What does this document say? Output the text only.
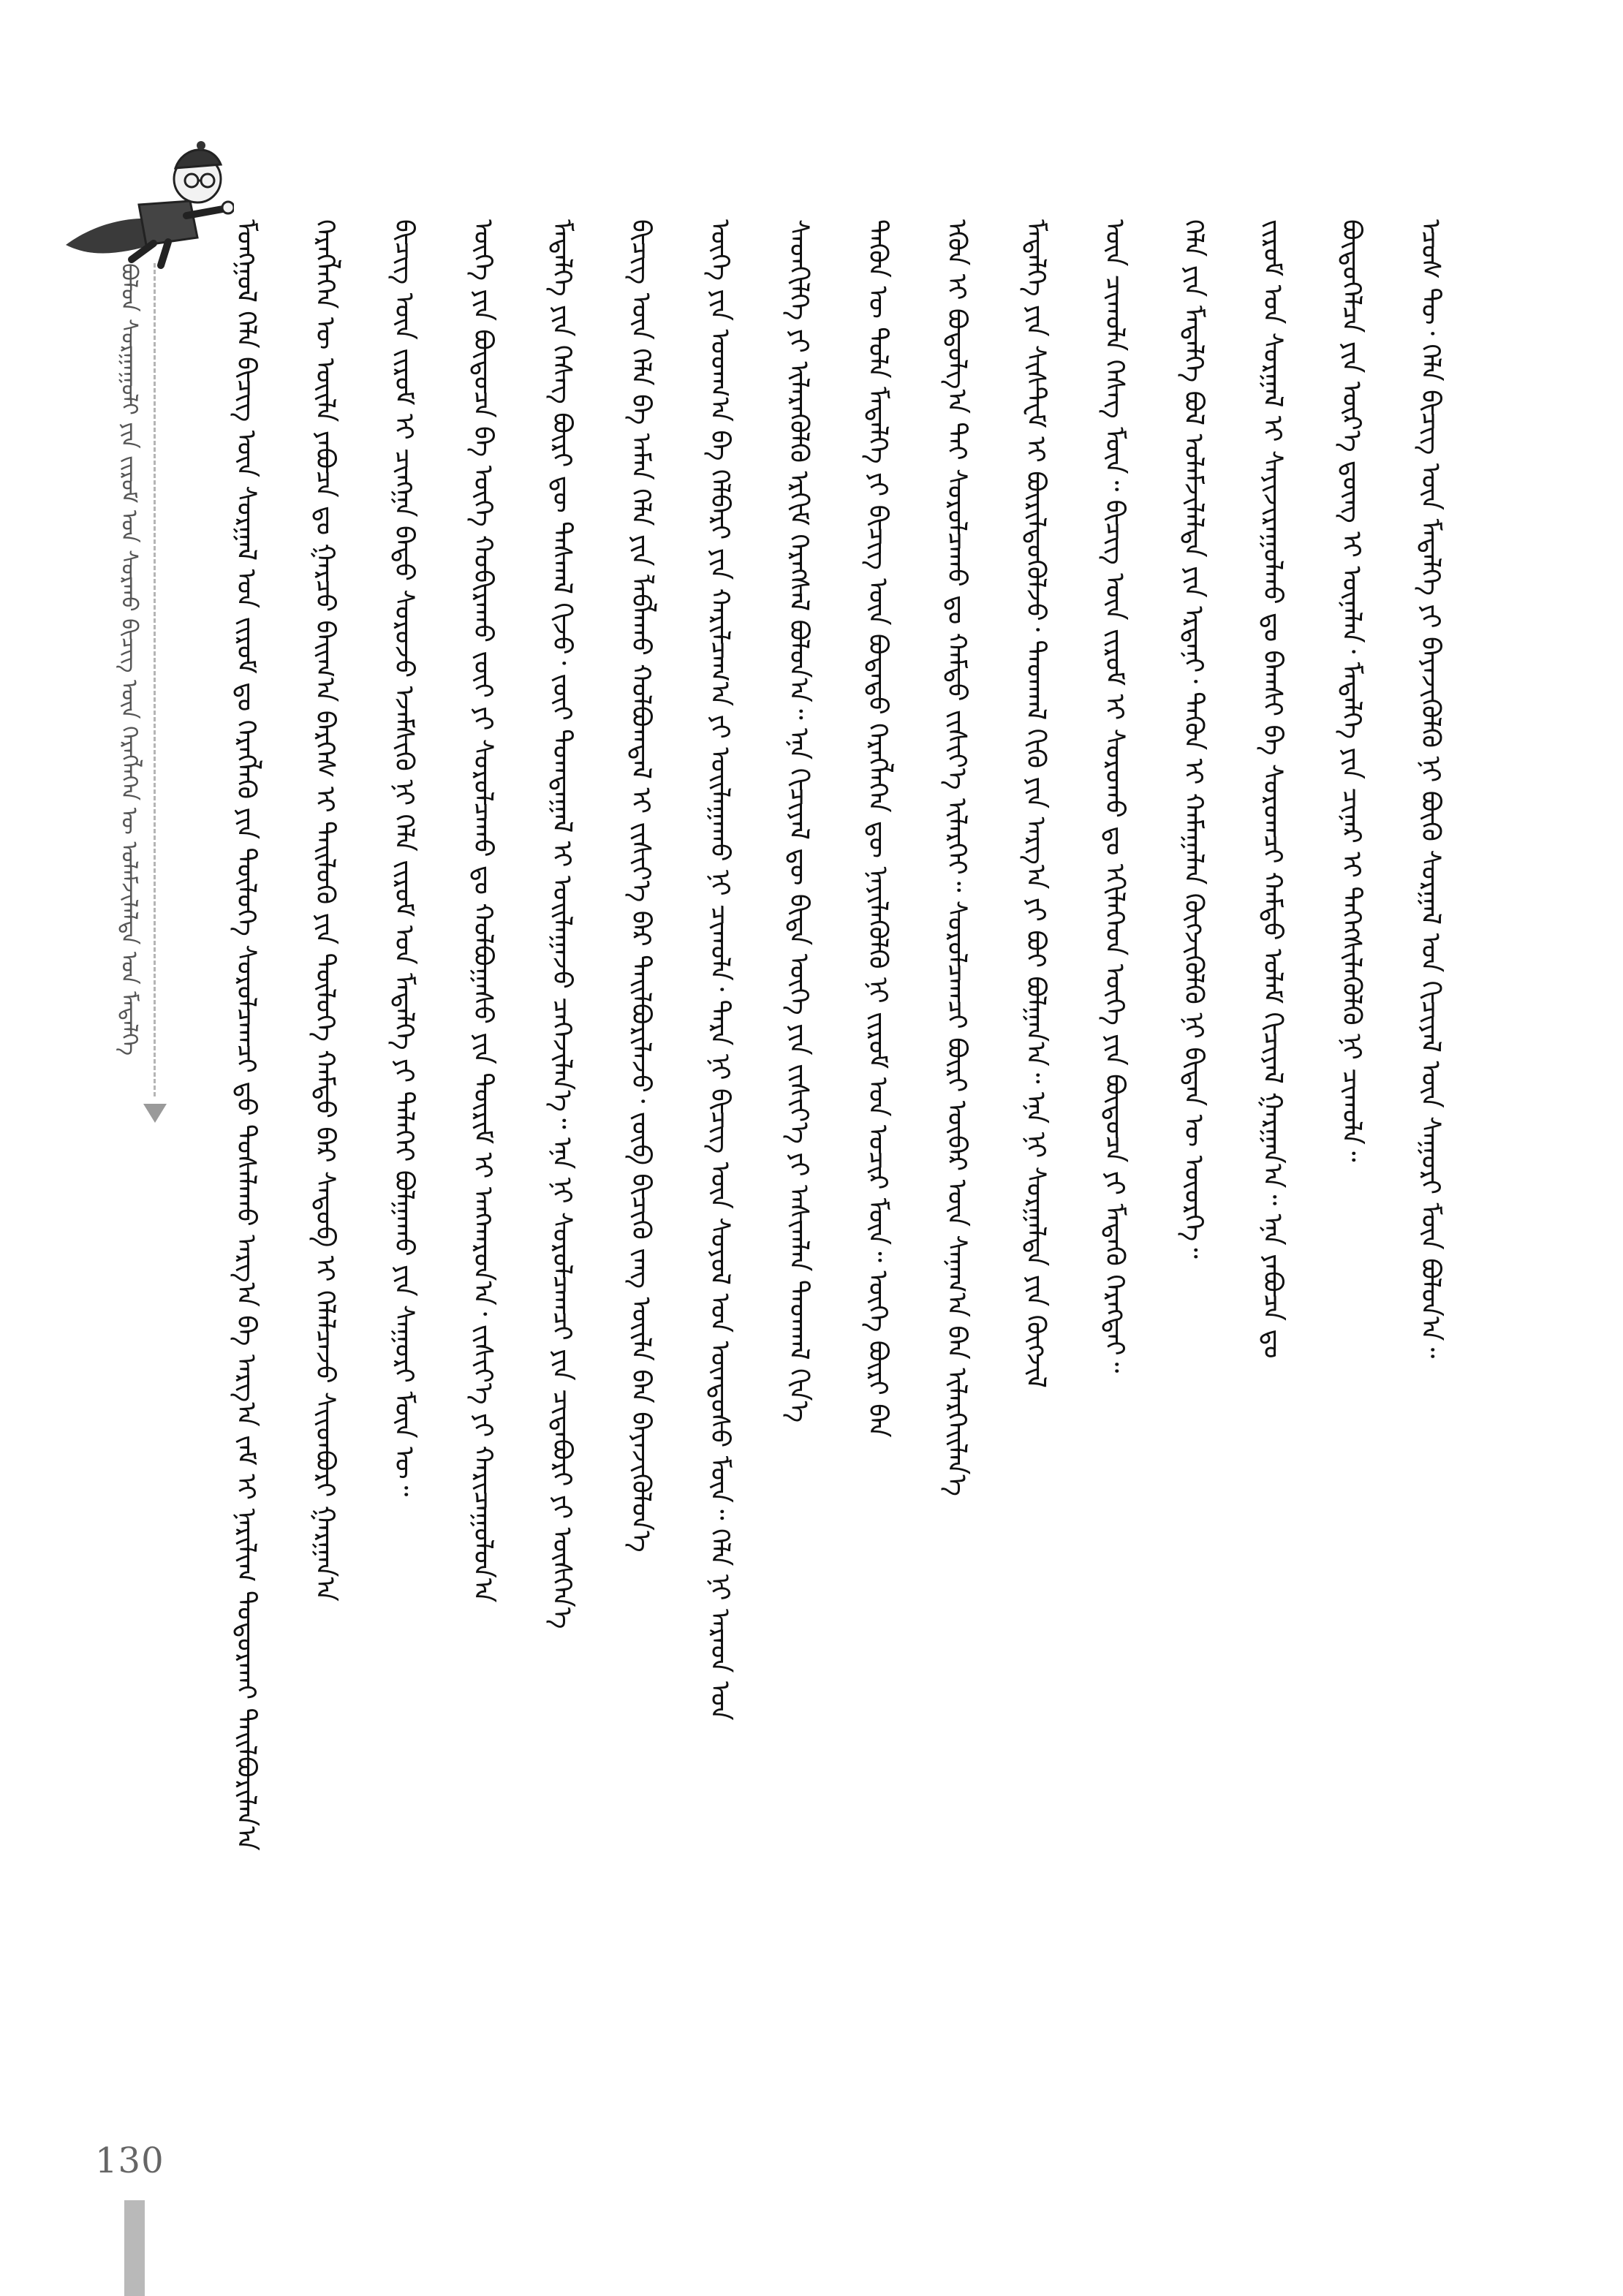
ᠪᠣᠯᠤᠨ ᠰᠤᠷᠭᠠᠭᠤᠯᠢ ᠶᠢᠨ ᠵᠢᠷᠤᠮ ᠤᠨ ᠰᠤᠷᠬᠤ ᠪᠢᠴᠢᠭ ᠦᠨ ᠬᠡᠷᠡᠭᠯᠡᠭᠡᠨ ᠦ ᠤᠯᠠᠮᠵᠢᠯᠠᠯᠲᠠ ᠤᠨ ᠮᠡᠳᠡᠯᠭᠡ	ᠮᠣᠩᠭᠤᠯ ᠬᠡᠯᠡ ᠪᠢᠴᠢᠭ ᠦᠨ ᠰᠤᠷᠭᠠᠯ ᠤᠨ ᠵᠢᠷᠤᠮ ᠳᠤ ᠬᠡᠷᠡᠭᠯᠡᠬᠦ ᠶᠢᠨ ᠲᠥᠯᠥᠭᠡ ᠰᠤᠷᠤᠯᠴᠠᠭᠴᠢ ᠳ᠋ᠤ ᠲᠤᠰᠠᠯᠠᠬᠤ ᠠᠷᠭ᠎ᠠ ᠪᠠ ᠠᠷᠭ᠎ᠠ ᠵᠠᠮ ᠢ ᠨᠠᠷᠢᠯᠢᠭ ᠲᠣᠳᠤᠷᠬᠠᠢ ᠲᠠᠢᠯᠪᠤᠷᠢᠯᠠᠨ᠎ᠠ	ᠬᠡᠷᠡᠭᠯᠡᠭᠡᠨ ᠦ ᠦᠢᠯᠡ ᠶᠠᠪᠤᠴᠠ ᠳᠤ ᠭᠠᠷᠴᠤ ᠪᠠᠢᠭ᠎ᠠ ᠪᠡᠷᠬᠡᠰ ᠢ ᠲᠡᠢᠯᠦᠬᠦ ᠶᠢᠨ ᠲᠥᠯᠥᠭᠡ ᠬᠠᠮᠲᠤ ᠪᠡᠷ ᠰᠡᠳᠦᠪ ᠢ ᠬᠡᠯᠡᠯᠴᠡᠵᠦ ᠰᠢᠢᠳᠪᠦᠷᠢ ᠭᠠᠷᠭᠠᠨ᠎ᠠ	ᠪᠢᠴᠢᠭ ᠦᠨ ᠵᠢᠷᠤᠮ ᠢ ᠴᠢᠩᠭᠠ ᠪᠠᠲᠤ ᠰᠤᠷᠤᠵᠤ ᠡᠵᠡᠮᠰᠢᠬᠦ ᠨᠢ ᠬᠡᠯᠡ ᠵᠢᠷᠤᠮ ᠤᠨ ᠮᠡᠳᠡᠯᠭᠡ ᠶᠢ ᠲᠡᠯᠡᠬᠡᠢ ᠪᠣᠯᠭᠠᠬᠤ ᠶᠢᠨ ᠰᠠᠭᠤᠷᠢ ᠮᠥᠨ ᠦ᠃	ᠦᠭᠡ ᠶᠢᠨ ᠪᠦᠲᠦᠴᠡ ᠪᠠ ᠦᠭᠡ ᠬᠤᠪᠢᠷᠠᠬᠤ ᠵᠦᠢ ᠶᠢ ᠰᠤᠷᠤᠯᠴᠠᠬᠤ ᠳᠤ ᠬᠣᠯᠪᠣᠭᠠᠰᠤ ᠶᠢᠨ ᠳᠦᠷᠢᠮ ᠢ ᠠᠩᠬᠠᠷᠤᠨ᠎ᠠ᠂ ᠵᠢᠱᠢᠶ᠎ᠡ ᠶᠢ ᠬᠠᠷᠢᠴᠠᠭᠤᠯᠤᠨ᠎ᠠ	ᠮᠡᠳᠡᠯᠭᠡ ᠶᠢᠨ ᠬᠡᠰᠡᠭ ᠪᠦᠷᠢ ᠳᠦ ᠳᠠᠰᠬᠠᠯ ᠬᠢᠵᠦ᠂ ᠵᠦᠢ ᠲᠣᠭᠲᠠᠭᠠᠯ ᠢ ᠣᠢᠯᠠᠭᠠᠵᠤ ᠴᠡᠭᠡᠵᠢᠯᠡᠨ᠎ᠡ᠃ ᠡᠨᠡ ᠨᠢ ᠰᠤᠷᠤᠯᠴᠠᠭᠴᠢ ᠶᠢᠨ ᠴᠢᠳᠠᠪᠤᠷᠢ ᠶᠢ ᠥᠰᠭᠡᠨ᠎ᠡ	ᠪᠢᠴᠢᠭ ᠦᠨ ᠬᠡᠯᠡ ᠪᠠ ᠠᠮᠠᠨ ᠬᠡᠯᠡ ᠶᠢᠨ ᠯᠠᠪᠯᠠᠬᠤ ᠬᠣᠯᠪᠣᠭᠳᠠᠯ ᠢ ᠵᠢᠱᠢᠶ᠎ᠡ ᠪᠡᠷ ᠲᠠᠢᠯᠪᠤᠷᠢᠯᠠᠵᠤ᠂ ᠵᠥᠪ ᠪᠢᠴᠢᠬᠦ ᠵᠠᠩ ᠦᠢᠯᠡ ᠪᠡᠨ ᠪᠡᠶᠡᠵᠢᠭᠦᠯᠦᠨ᠎ᠡ	ᠦᠭᠡ ᠶᠢᠨ ᠤᠳᠬ᠎ᠠ ᠪᠠ ᠬᠡᠯᠪᠡᠷᠢ ᠶᠢᠨ ᠬᠠᠷᠢᠯᠴᠠᠭ᠎ᠠ ᠶᠢ ᠣᠢᠯᠠᠭᠠᠬᠤ ᠨᠢ ᠴᠢᠬᠤᠯᠠ᠂ ᠲᠡᠷᠡ ᠨᠢ ᠪᠢᠴᠢᠭ ᠦᠨ ᠰᠣᠶᠣᠯ ᠤᠨ ᠦᠨᠳᠦᠰᠦ ᠮᠥᠨ᠃ ᠬᠡᠯᠡ ᠨᠢ ᠠᠷᠠᠳ ᠤᠨ	ᠰᠡᠳᠬᠢᠯᠭᠡ ᠶᠢ ᠢᠯᠡᠷᠡᠭᠦᠯᠬᠦ ᠡᠷᠬᠢᠮ ᠬᠡᠷᠡᠭᠰᠡᠯ ᠪᠣᠯᠤᠨ᠎ᠠ᠃ ᠡᠨᠡ ᠬᠢᠴᠢᠶᠡᠯ ᠳᠦ ᠪᠢᠳᠡ ᠦᠭᠡ ᠶᠢᠨ ᠵᠢᠱᠢᠶ᠎ᠡ ᠶᠢ ᠠᠰᠢᠭᠯᠠᠨ ᠳᠠᠳᠬᠠᠯ ᠬᠢᠨ᠎ᠡ	ᠲᠡᠭᠦᠨ ᠦ ᠲᠤᠯᠠ ᠮᠡᠳᠡᠯᠭᠡ ᠶᠢ ᠪᠢᠴᠢᠭ ᠦᠨ ᠪᠣᠳᠠᠲᠤ ᠬᠡᠷᠡᠭᠯᠡᠭᠡᠨ ᠳᠦ ᠨᠡᠶᠢᠯᠡᠭᠦᠯᠬᠦ ᠨᠢ ᠵᠢᠷᠤᠮ ᠤᠨ ᠤᠴᠢᠷ ᠮᠥᠨ᠃ ᠦᠭᠡ ᠪᠦᠷᠢ ᠪᠠᠨ	ᠡᠭᠦᠨ ᠢ ᠪᠣᠳᠤᠯᠭ᠎ᠠ ᠲᠠᠢ ᠰᠤᠷᠤᠯᠴᠠᠬᠤ ᠳᠤ ᠬᠠᠮᠲᠤ ᠵᠢᠱᠢᠶ᠎ᠡ ᠢᠯᠡᠷᠬᠡᠢ᠃ ᠰᠤᠷᠤᠯᠴᠠᠭᠴᠢ ᠪᠦᠷᠢ ᠥᠪᠡᠷ ᠦᠨ ᠰᠠᠨᠠᠭ᠎ᠠ ᠪᠠᠨ ᠢᠯᠡᠷᠬᠡᠢᠯᠡᠨ᠎ᠡ	ᠮᠡᠳᠡᠯᠭᠡ ᠶᠢᠨ ᠰᠢᠰᠲ᠋ᠧᠮ ᠢ ᠪᠦᠷᠢᠯᠳᠦᠭᠦᠯᠵᠦ᠂ ᠳᠠᠳᠬᠠᠯ ᠬᠢᠬᠦ ᠶᠢᠨ ᠠᠷᠭ᠎ᠠ ᠶᠢ ᠪᠤᠢ ᠪᠣᠯᠭᠠᠨ᠎ᠠ᠃ ᠡᠨᠡ ᠨᠢ ᠰᠤᠷᠭᠠᠯᠳᠠ ᠶᠢᠨ ᠬᠥᠭᠵᠢᠯ	ᠦᠨ ᠴᠢᠬᠤᠯᠠ ᠬᠡᠰᠡᠭ ᠮᠥᠨ᠃ ᠪᠢᠴᠢᠭ ᠦᠨ ᠵᠢᠷᠤᠮ ᠢ ᠰᠤᠷᠤᠬᠤ ᠳᠤ ᠡᠬᠢᠯᠡᠭᠡᠳ ᠦᠭᠡ ᠶᠢᠨ ᠪᠦᠲᠦᠴᠡ ᠶᠢ ᠮᠡᠳᠡᠬᠦ ᠬᠡᠷᠡᠭᠲᠡᠢ᠃	ᠬᠡᠯᠡ ᠶᠢᠨ ᠮᠡᠳᠡᠯᠭᠡ ᠪᠣᠯ ᠤᠯᠠᠮᠵᠢᠯᠠᠯᠲᠠ ᠶᠢᠨ ᠡᠷᠳᠡᠨᠢ᠂ ᠲᠡᠭᠦᠨ ᠢ ᠬᠠᠮᠠᠭᠠᠯᠠᠨ ᠬᠥᠭᠵᠢᠭᠦᠯᠬᠦ ᠨᠢ ᠪᠢᠳᠡᠨ ᠦ ᠦᠦᠷᠭᠡ᠃	ᠵᠢᠷᠤᠮ ᠤᠨ ᠰᠤᠷᠭᠠᠯ ᠢ ᠰᠠᠶᠢᠵᠢᠷᠠᠭᠤᠯᠬᠤ ᠳᠤ ᠪᠠᠭᠰᠢ ᠪᠠ ᠰᠤᠷᠤᠭᠴᠢ ᠬᠠᠮᠲᠤ ᠤᠯᠠᠮ ᠬᠢᠴᠢᠶᠡᠯ ᠭᠠᠷᠭᠠᠨ᠎ᠠ᠃ ᠡᠨᠡ ᠶᠠᠪᠤᠴᠠ ᠳᠤ	ᠪᠦᠲᠦᠭᠡᠯᠴᠡ ᠶᠢᠨ ᠦᠷ᠎ᠡ ᠳ᠋ᠦᠩ ᠢ ᠦᠨᠡᠯᠡᠨ᠂ ᠮᠡᠳᠡᠯᠭᠡ ᠶᠢᠨ ᠴᠢᠨᠠᠷ ᠢ ᠳᠡᠭᠡᠭᠰᠢᠯᠡᠭᠦᠯᠬᠦ ᠨᠢ ᠴᠢᠬᠤᠯᠠ᠃	ᠡᠴᠦᠰ ᠲᠦ᠂ ᠬᠡᠯᠡ ᠪᠢᠴᠢᠭ ᠦᠨ ᠮᠡᠳᠡᠯᠭᠡ ᠶᠢ ᠪᠡᠶᠡᠵᠢᠭᠦᠯᠬᠦ ᠨᠢ ᠪᠦᠬᠦ ᠰᠤᠷᠭᠠᠯ ᠤᠨ ᠬᠢᠴᠢᠶᠡᠯ ᠦᠨ ᠰᠠᠭᠤᠷᠢ ᠮᠥᠨ ᠪᠣᠯᠤᠨ᠎ᠠ᠃
130
